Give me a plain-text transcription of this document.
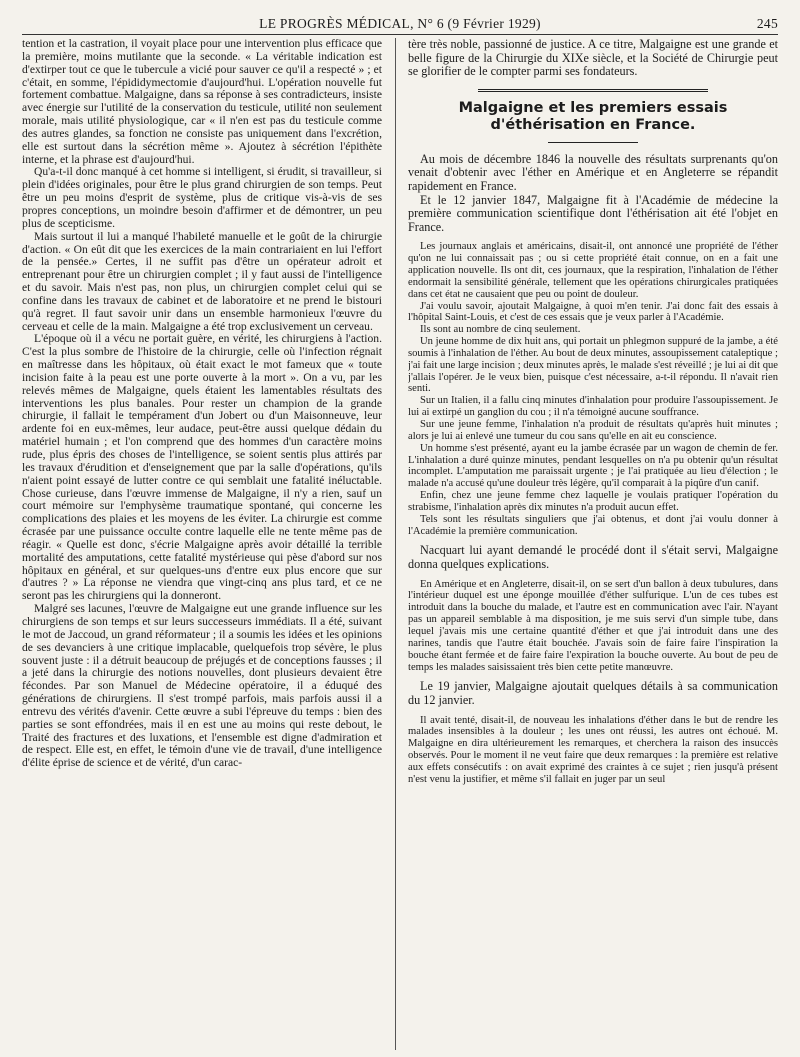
LE PROGRÈS MÉDICAL, N° 6 (9 Février 1929)	245

tention et la castration, il voyait place pour une intervention plus efficace que la première, moins mutilante que la seconde. « La véritable indication est d'extirper tout ce que le tubercule a vicié pour sauver ce qu'il a respecté » ; et c'était, en somme, l'épididymectomie d'aujourd'hui. L'opération nouvelle fut fortement combattue. Malgaigne, dans sa réponse à ses contradicteurs, insiste avec énergie sur l'utilité de la conservation du testicule, utilité non seulement morale, mais utilité physiologique, car « il n'en est pas du testicule comme des autres glandes, sa fonction ne consiste pas uniquement dans l'excrétion, elle est surtout dans la sécrétion même ». Ajoutez à sécrétion l'épithète interne, et la phrase est d'aujourd'hui.

Qu'a-t-il donc manqué à cet homme si intelligent, si érudit, si travailleur, si plein d'idées originales, pour être le plus grand chirurgien de son temps. Peut être un peu moins d'esprit de système, plus de critique vis-à-vis de ses propres conceptions, un moindre besoin d'affirmer et de démontrer, un peu plus de scepticisme.

Mais surtout il lui a manqué l'habileté manuelle et le goût de la chirurgie d'action. « On eût dit que les exercices de la main contrariaient en lui l'effort de la pensée.» Certes, il ne suffit pas d'être un opérateur adroit et entreprenant pour être un chirurgien complet ; il y faut aussi de l'intelligence et du savoir. Mais n'est pas, non plus, un chirurgien complet celui qui se confine dans les travaux de cabinet et de laboratoire et ne prend le bistouri qu'à regret. Il faut savoir unir dans un ensemble harmonieux l'œuvre du cerveau et celle de la main. Malgaigne a été trop exclusivement un cerveau.

L'époque où il a vécu ne portait guère, en vérité, les chirurgiens à l'action. C'est la plus sombre de l'histoire de la chirurgie, celle où l'infection régnait en maîtresse dans les hôpitaux, où était exact le mot fameux que « toute incision faite à la peau est une porte ouverte à la mort ». On a vu, par les relevés mêmes de Malgaigne, quels étaient les lamentables résultats des interventions les plus banales. Pour rester un champion de la grande chirurgie, il fallait le tempérament d'un Jobert ou d'un Maisonneuve, leur ardente foi en eux-mêmes, leur audace, peut-être aussi quelque dédain du matériel humain ; et l'on comprend que des hommes d'un caractère moins rude, plus épris des choses de l'intelligence, se soient sentis plus attirés par les travaux d'érudition et d'enseignement que par la salle d'opérations, qu'ils n'aient point essayé de lutter contre ce qui semblait une fatalité inéluctable. Chose curieuse, dans l'œuvre immense de Malgaigne, il n'y a rien, sauf un court mémoire sur l'emphysème traumatique spontané, qui concerne les complications des plaies et les moyens de les éviter. La chirurgie est comme écrasée par une puissance occulte contre laquelle elle ne tente même pas de réagir. « Quelle est donc, s'écrie Malgaigne après avoir détaillé la terrible mortalité des amputations, cette fatalité mystérieuse qui pèse d'abord sur nos hôpitaux en général, et sur quelques-uns d'entre eux plus encore que sur d'autres ? » La réponse ne viendra que vingt-cinq ans plus tard, et ce ne seront pas les chirurgiens qui la donneront.

Malgré ses lacunes, l'œuvre de Malgaigne eut une grande influence sur les chirurgiens de son temps et sur leurs successeurs immédiats. Il a été, suivant le mot de Jaccoud, un grand réformateur ; il a soumis les idées et les opinions de ses devanciers à une critique implacable, quelquefois trop sévère, le plus souvent juste : il a détruit beaucoup de préjugés et de conceptions fausses ; il a jeté dans la chirurgie des notions nouvelles, dont plusieurs devaient être fécondes. Par son Manuel de Médecine opératoire, il a éduqué des générations de chirurgiens. Il s'est trompé parfois, mais parfois aussi il a entrevu des vérités d'avenir. Cette œuvre a subi l'épreuve du temps : bien des parties se sont effondrées, mais il en est une au moins qui reste debout, le Traité des fractures et des luxations, et l'ensemble est digne d'admiration et de respect. Elle est, en effet, le témoin d'une vie de travail, d'une intelligence d'élite éprise de science et de vérité, d'un carac-

tère très noble, passionné de justice. A ce titre, Malgaigne est une grande et belle figure de la Chirurgie du XIXe siècle, et la Société de Chirurgie peut se glorifier de le compter parmi ses fondateurs.

Malgaigne et les premiers essais
d'éthérisation en France.

Au mois de décembre 1846 la nouvelle des résultats surprenants qu'on venait d'obtenir avec l'éther en Amérique et en Angleterre se répandit rapidement en France.

Et le 12 janvier 1847, Malgaigne fit à l'Académie de médecine la première communication scientifique dont l'éthérisation ait été l'objet en France.

Les journaux anglais et américains, disait-il, ont annoncé une propriété de l'éther qu'on ne lui connaissait pas ; ou si cette propriété était connue, on en a fait une application nouvelle. Ils ont dit, ces journaux, que la respiration, l'inhalation de l'éther endormait la sensibilité générale, tellement que les opérations chirurgicales pratiquées dans cet état ne causaient que peu ou point de douleur.

J'ai voulu savoir, ajoutait Malgaigne, à quoi m'en tenir. J'ai donc fait des essais à l'hôpital Saint-Louis, et c'est de ces essais que je veux parler à l'Académie.

Ils sont au nombre de cinq seulement.

Un jeune homme de dix huit ans, qui portait un phlegmon suppuré de la jambe, a été soumis à l'inhalation de l'éther. Au bout de deux minutes, assoupissement cataleptique ; j'ai fait une large incision ; deux minutes après, le malade s'est réveillé ; je lui ai dit que j'allais l'opérer. Je le veux bien, puisque c'est nécessaire, a-t-il répondu. Il n'avait rien senti.

Sur un Italien, il a fallu cinq minutes d'inhalation pour produire l'assoupissement. Je lui ai extirpé un ganglion du cou ; il n'a témoigné aucune souffrance.

Sur une jeune femme, l'inhalation n'a produit de résultats qu'après huit minutes ; alors je lui ai enlevé une tumeur du cou sans qu'elle en ait eu conscience.

Un homme s'est présenté, ayant eu la jambe écrasée par un wagon de chemin de fer. L'inhalation a duré quinze minutes, pendant lesquelles on n'a pu obtenir qu'un résultat incomplet. L'amputation me paraissait urgente ; je l'ai pratiquée au lieu d'élection ; le malade n'a accusé qu'une douleur très légère, qu'il comparait à la piqûre d'un canif.

Enfin, chez une jeune femme chez laquelle je voulais pratiquer l'opération du strabisme, l'inhalation après dix minutes n'a produit aucun effet.

Tels sont les résultats singuliers que j'ai obtenus, et dont j'ai voulu donner à l'Académie la première communication.

Nacquart lui ayant demandé le procédé dont il s'était servi, Malgaigne donna quelques explications.

En Amérique et en Angleterre, disait-il, on se sert d'un ballon à deux tubulures, dans l'intérieur duquel est une éponge mouillée d'éther sulfurique. L'un de ces tubes est introduit dans la bouche du malade, et l'autre est en communication avec l'air. N'ayant pas un appareil semblable à ma disposition, je me suis servi d'un simple tube, dans lequel j'avais mis une certaine quantité d'éther et que j'ai introduit dans une des narines, tandis que l'autre était bouchée. J'avais soin de faire faire l'inspiration la bouche étant fermée et de faire faire l'expiration la bouche ouverte. Au bout de peu de temps les malades saisissaient très bien cette petite manœuvre.

Le 19 janvier, Malgaigne ajoutait quelques détails à sa communication du 12 janvier.

Il avait tenté, disait-il, de nouveau les inhalations d'éther dans le but de rendre les malades insensibles à la douleur ; les unes ont réussi, les autres ont échoué. M. Malgaigne en dira ultérieurement les remarques, et cherchera la raison des insuccès observés. Pour le moment il ne veut faire que deux remarques : la première est relative aux effets consécutifs : on avait exprimé des craintes à ce sujet ; rien jusqu'à présent n'est venu la justifier, et même s'il fallait en juger par un seul
